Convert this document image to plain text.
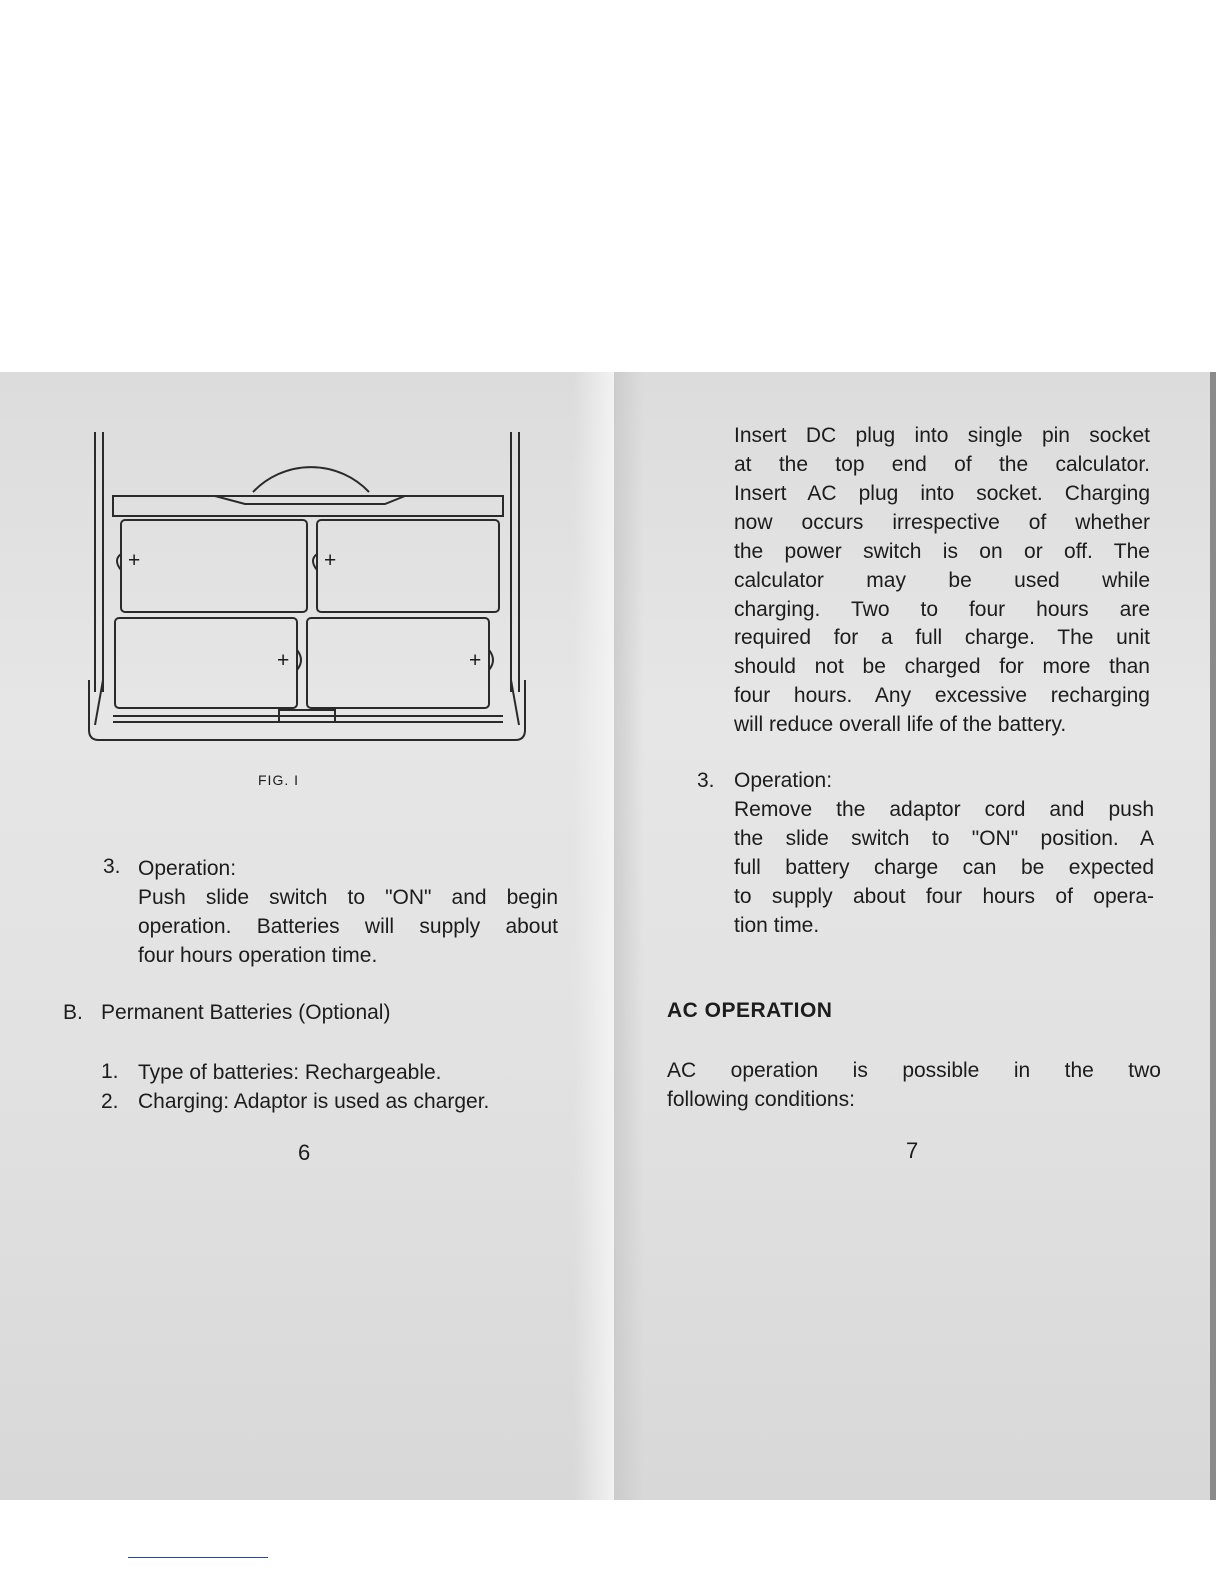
+	+
+	+
FIG. I
3. Operation:
Push slide switch to "ON" and begin
operation. Batteries will supply about
four hours operation time.
B. Permanent Batteries (Optional)
1. Type of batteries: Rechargeable.
2. Charging: Adaptor is used as charger.
6
Insert DC plug into single pin socket
at the top end of the calculator.
Insert AC plug into socket. Charging
now occurs irrespective of whether
the power switch is on or off. The
calculator may be used while
charging. Two to four hours are
required for a full charge. The unit
should not be charged for more than
four hours. Any excessive recharging
will reduce overall life of the battery.
3. Operation:
Remove the adaptor cord and push
the slide switch to "ON" position. A
full battery charge can be expected
to supply about four hours of opera-
tion time.
AC OPERATION
AC operation is possible in the two
following conditions:
7
